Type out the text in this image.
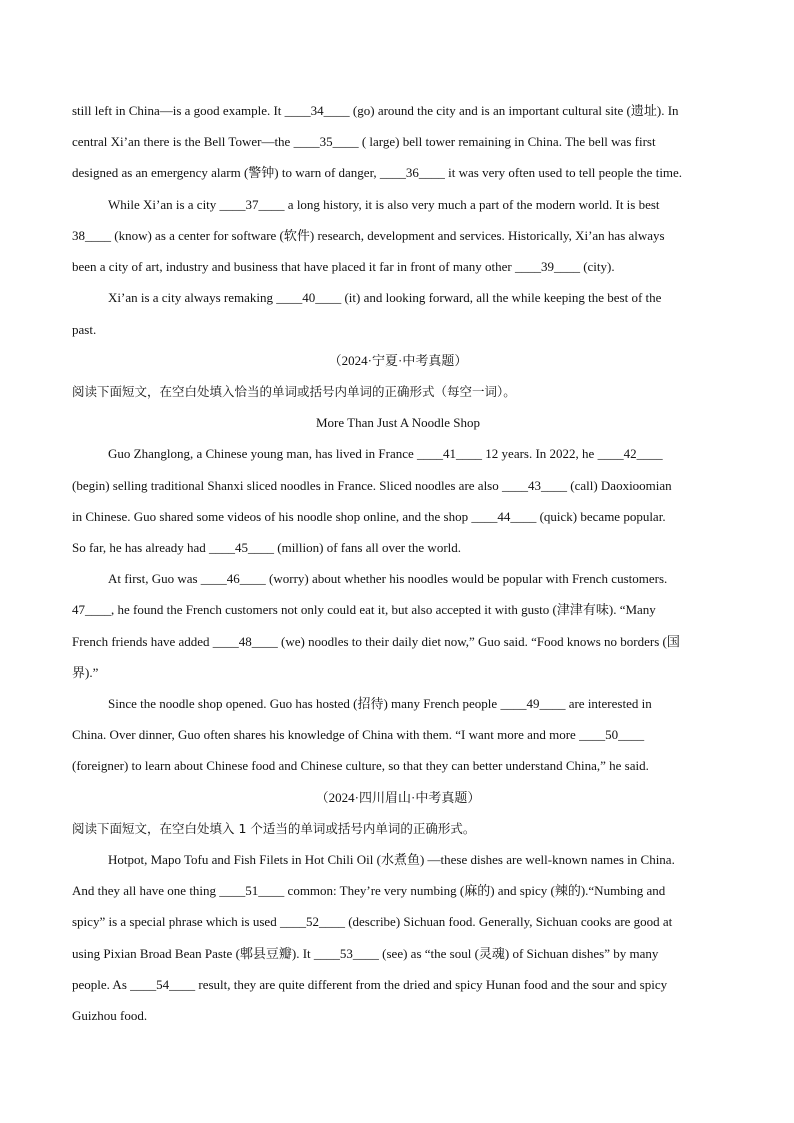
still left in China—is a good example. It ____34____ (go) around the city and is an important cultural site (遗址). In
central Xi’an there is the Bell Tower—the ____35____ ( large) bell tower remaining in China. The bell was first
designed as an emergency alarm (警钟) to warn of danger, ____36____ it was very often used to tell people the time.
While Xi’an is a city ____37____ a long history, it is also very much a part of the modern world. It is best
38____ (know) as a center for software (软件) research, development and services. Historically, Xi’an has always
been a city of art, industry and business that have placed it far in front of many other ____39____ (city).
Xi’an is a city always remaking ____40____ (it) and looking forward, all the while keeping the best of the
past.
（2024·宁夏·中考真题）
阅读下面短文，在空白处填入恰当的单词或括号内单词的正确形式（每空一词）。
More Than Just A Noodle Shop
Guo Zhanglong, a Chinese young man, has lived in France ____41____ 12 years. In 2022, he ____42____
(begin) selling traditional Shanxi sliced noodles in France. Sliced noodles are also ____43____ (call) Daoxioomian
in Chinese. Guo shared some videos of his noodle shop online, and the shop ____44____ (quick) became popular.
So far, he has already had ____45____ (million) of fans all over the world.
At first, Guo was ____46____ (worry) about whether his noodles would be popular with French customers.
47____, he found the French customers not only could eat it, but also accepted it with gusto (津津有味). “Many
French friends have added ____48____ (we) noodles to their daily diet now,” Guo said. “Food knows no borders (国
界).”
Since the noodle shop opened. Guo has hosted (招待) many French people ____49____ are interested in
China. Over dinner, Guo often shares his knowledge of China with them. “I want more and more ____50____
(foreigner) to learn about Chinese food and Chinese culture, so that they can better understand China,” he said.
（2024·四川眉山·中考真题）
阅读下面短文，在空白处填入 1 个适当的单词或括号内单词的正确形式。
Hotpot, Mapo Tofu and Fish Filets in Hot Chili Oil (水煮鱼) —these dishes are well-known names in China.
And they all have one thing ____51____ common: They’re very numbing (麻的) and spicy (辣的).“Numbing and
spicy” is a special phrase which is used ____52____ (describe) Sichuan food. Generally, Sichuan cooks are good at
using Pixian Broad Bean Paste (郫县豆瓣). It ____53____ (see) as “the soul (灵魂) of Sichuan dishes” by many
people. As ____54____ result, they are quite different from the dried and spicy Hunan food and the sour and spicy
Guizhou food.
